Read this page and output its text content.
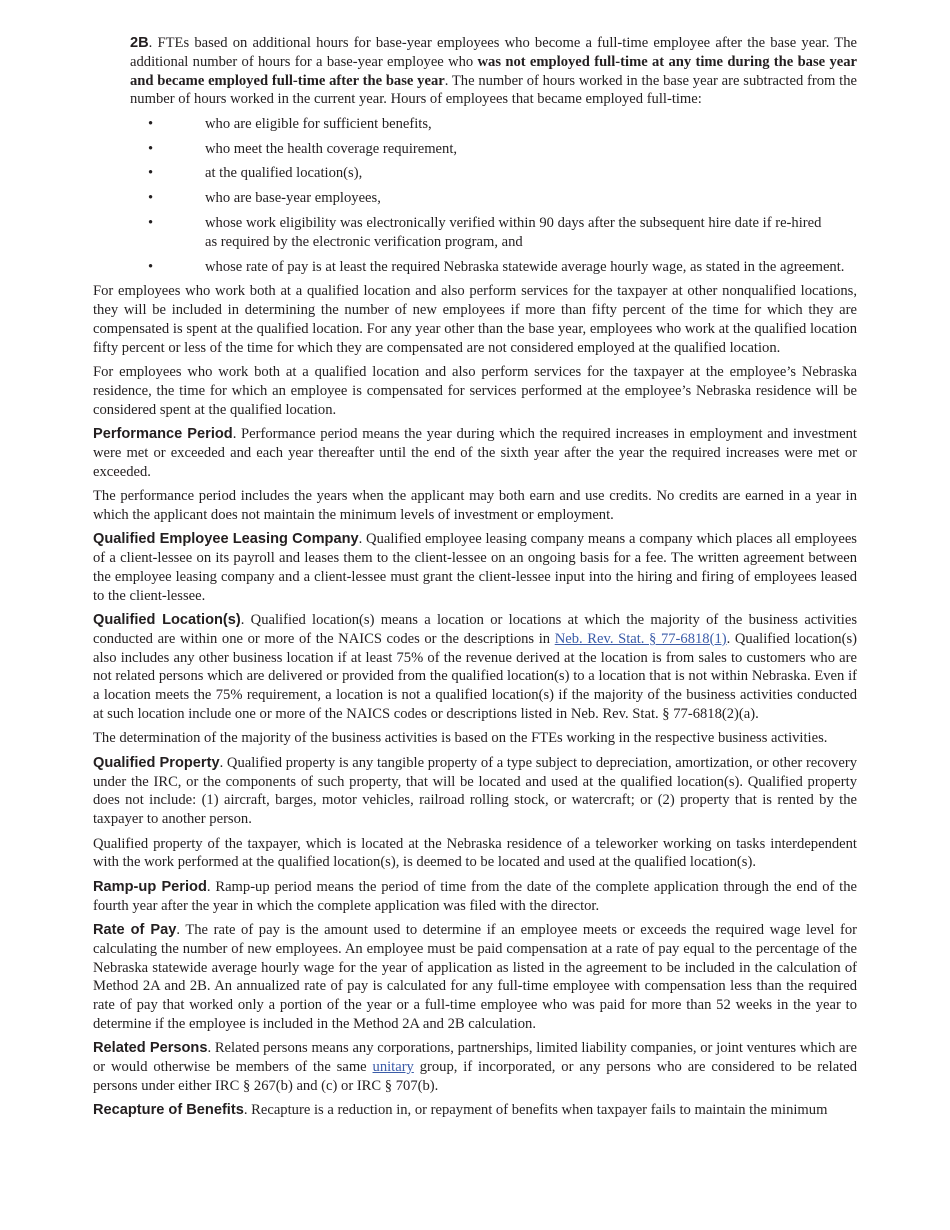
2B. FTEs based on additional hours for base-year employees who become a full-time employee after the base year. The additional number of hours for a base-year employee who was not employed full-time at any time during the base year and became employed full-time after the base year. The number of hours worked in the base year are subtracted from the number of hours worked in the current year. Hours of employees that became employed full-time:

•	who are eligible for sufficient benefits,
•	who meet the health coverage requirement,
•	at the qualified location(s),
•	who are base-year employees,
•	whose work eligibility was electronically verified within 90 days after the subsequent hire date if re-hired as required by the electronic verification program, and
•	whose rate of pay is at least the required Nebraska statewide average hourly wage, as stated in the agreement.

For employees who work both at a qualified location and also perform services for the taxpayer at other nonqualified locations, they will be included in determining the number of new employees if more than fifty percent of the time for which they are compensated is spent at the qualified location. For any year other than the base year, employees who work at the qualified location fifty percent or less of the time for which they are compensated are not considered employed at the qualified location.

For employees who work both at a qualified location and also perform services for the taxpayer at the employee’s Nebraska residence, the time for which an employee is compensated for services performed at the employee’s Nebraska residence will be considered spent at the qualified location.

Performance Period. Performance period means the year during which the required increases in employment and investment were met or exceeded and each year thereafter until the end of the sixth year after the year the required increases were met or exceeded.

The performance period includes the years when the applicant may both earn and use credits. No credits are earned in a year in which the applicant does not maintain the minimum levels of investment or employment.

Qualified Employee Leasing Company. Qualified employee leasing company means a company which places all employees of a client-lessee on its payroll and leases them to the client-lessee on an ongoing basis for a fee. The written agreement between the employee leasing company and a client-lessee must grant the client-lessee input into the hiring and firing of employees leased to the client-lessee.

Qualified Location(s). Qualified location(s) means a location or locations at which the majority of the business activities conducted are within one or more of the NAICS codes or the descriptions in Neb. Rev. Stat. § 77-6818(1). Qualified location(s) also includes any other business location if at least 75% of the revenue derived at the location is from sales to customers who are not related persons which are delivered or provided from the qualified location(s) to a location that is not within Nebraska. Even if a location meets the 75% requirement, a location is not a qualified location(s) if the majority of the business activities conducted at such location include one or more of the NAICS codes or descriptions listed in Neb. Rev. Stat. § 77-6818(2)(a).

The determination of the majority of the business activities is based on the FTEs working in the respective business activities.

Qualified Property. Qualified property is any tangible property of a type subject to depreciation, amortization, or other recovery under the IRC, or the components of such property, that will be located and used at the qualified location(s). Qualified property does not include: (1) aircraft, barges, motor vehicles, railroad rolling stock, or watercraft; or (2) property that is rented by the taxpayer to another person.

Qualified property of the taxpayer, which is located at the Nebraska residence of a teleworker working on tasks interdependent with the work performed at the qualified location(s), is deemed to be located and used at the qualified location(s).

Ramp-up Period. Ramp-up period means the period of time from the date of the complete application through the end of the fourth year after the year in which the complete application was filed with the director.

Rate of Pay. The rate of pay is the amount used to determine if an employee meets or exceeds the required wage level for calculating the number of new employees. An employee must be paid compensation at a rate of pay equal to the percentage of the Nebraska statewide average hourly wage for the year of application as listed in the agreement to be included in the calculation of Method 2A and 2B. An annualized rate of pay is calculated for any full-time employee with compensation less than the required rate of pay that worked only a portion of the year or a full-time employee who was paid for more than 52 weeks in the year to determine if the employee is included in the Method 2A and 2B calculation.

Related Persons. Related persons means any corporations, partnerships, limited liability companies, or joint ventures which are or would otherwise be members of the same unitary group, if incorporated, or any persons who are considered to be related persons under either IRC § 267(b) and (c) or IRC § 707(b).

Recapture of Benefits. Recapture is a reduction in, or repayment of benefits when taxpayer fails to maintain the minimum
